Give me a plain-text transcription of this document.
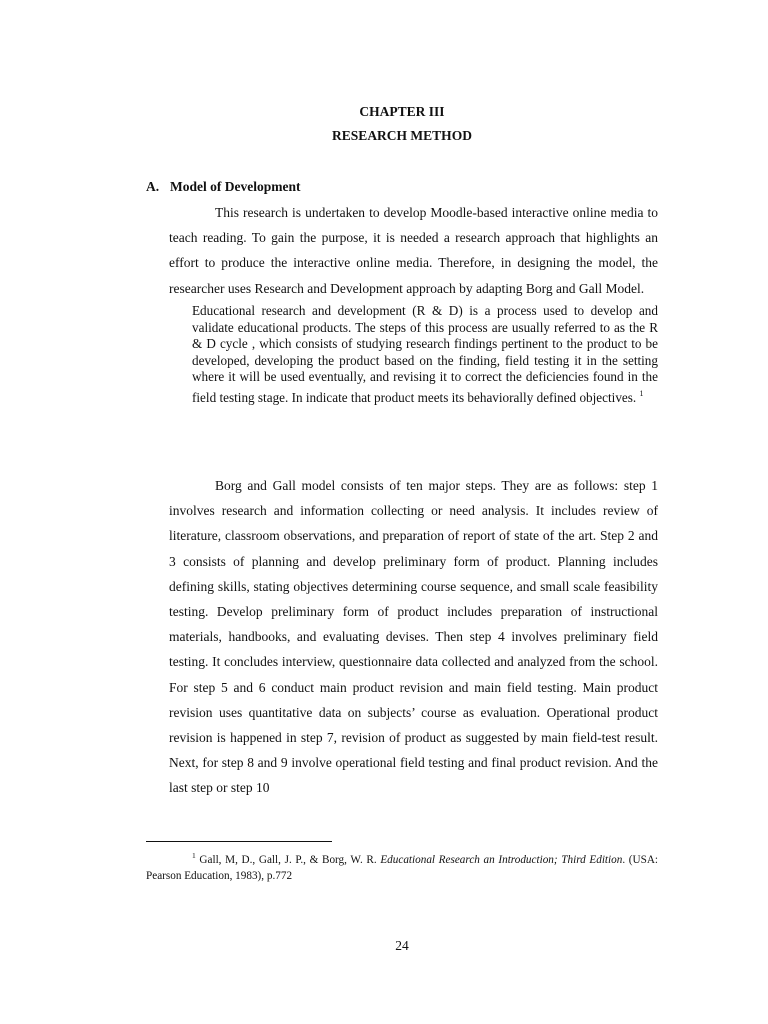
CHAPTER III
RESEARCH METHOD
A. Model of Development

This research is undertaken to develop Moodle-based interactive online media to teach reading. To gain the purpose, it is needed a research approach that highlights an effort to produce the interactive online media. Therefore, in designing the model, the researcher uses Research and Development approach by adapting Borg and Gall Model.

Educational research and development (R & D) is a process used to develop and validate educational products. The steps of this process are usually referred to as the R & D cycle , which consists of studying research findings pertinent to the product to be developed, developing the product based on the finding, field testing it in the setting where it will be used eventually, and revising it to correct the deficiencies found in the field testing stage. In indicate that product meets its behaviorally defined objectives. $^1$

Borg and Gall model consists of ten major steps. They are as follows: step 1 involves research and information collecting or need analysis. It includes review of literature, classroom observations, and preparation of report of state of the art. Step 2 and 3 consists of planning and develop preliminary form of product. Planning includes defining skills, stating objectives determining course sequence, and small scale feasibility testing. Develop preliminary form of product includes preparation of instructional materials, handbooks, and evaluating devises. Then step 4 involves preliminary field testing. It concludes interview, questionnaire data collected and analyzed from the school. For step 5 and 6 conduct main product revision and main field testing. Main product revision uses quantitative data on subjects’ course as evaluation. Operational product revision is happened in step 7, revision of product as suggested by main field-test result. Next, for step 8 and 9 involve operational field testing and final product revision. And the last step or step 10

$^1$ Gall, M, D., Gall, J. P., & Borg, W. R. Educational Research an Introduction; Third Edition. (USA: Pearson Education, 1983), p.772

24
